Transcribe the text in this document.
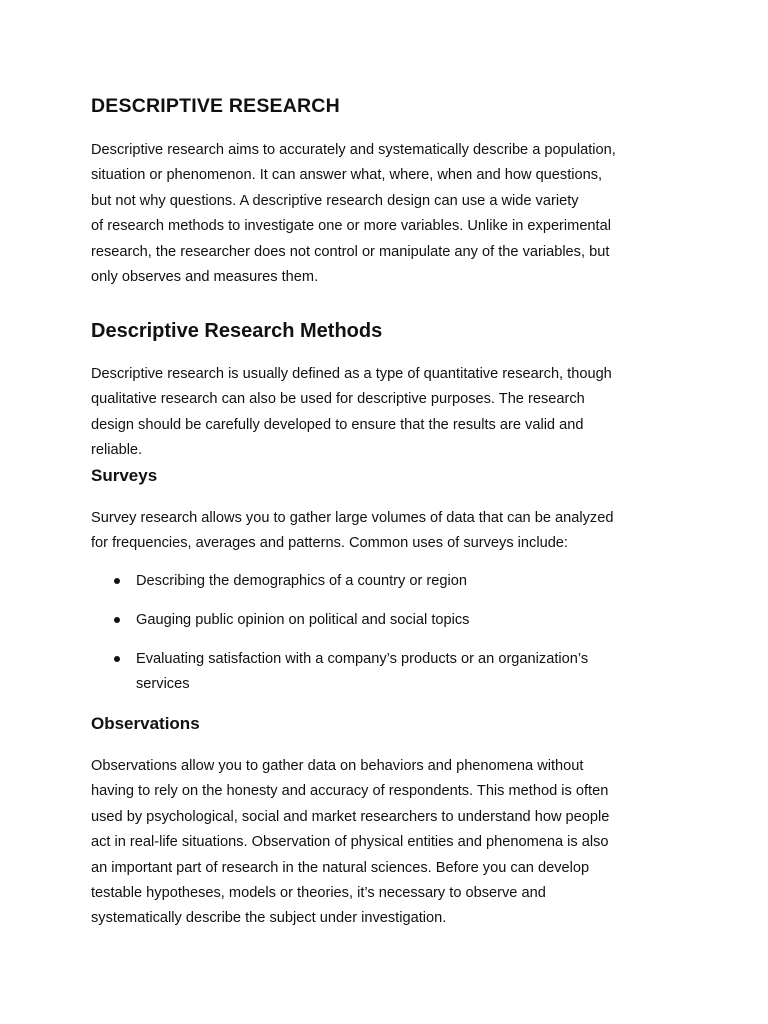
DESCRIPTIVE RESEARCH
Descriptive research aims to accurately and systematically describe a population,
situation or phenomenon. It can answer what, where, when and how questions,
but not why questions. A descriptive research design can use a wide variety
of research methods to investigate one or more variables. Unlike in experimental
research, the researcher does not control or manipulate any of the variables, but
only observes and measures them.
Descriptive Research Methods
Descriptive research is usually defined as a type of quantitative research, though
qualitative research can also be used for descriptive purposes. The research
design should be carefully developed to ensure that the results are valid and
reliable.
Surveys
Survey research allows you to gather large volumes of data that can be analyzed
for frequencies, averages and patterns. Common uses of surveys include:
Describing the demographics of a country or region
Gauging public opinion on political and social topics
Evaluating satisfaction with a company’s products or an organization’s
services
Observations
Observations allow you to gather data on behaviors and phenomena without
having to rely on the honesty and accuracy of respondents. This method is often
used by psychological, social and market researchers to understand how people
act in real-life situations. Observation of physical entities and phenomena is also
an important part of research in the natural sciences. Before you can develop
testable hypotheses, models or theories, it’s necessary to observe and
systematically describe the subject under investigation.
